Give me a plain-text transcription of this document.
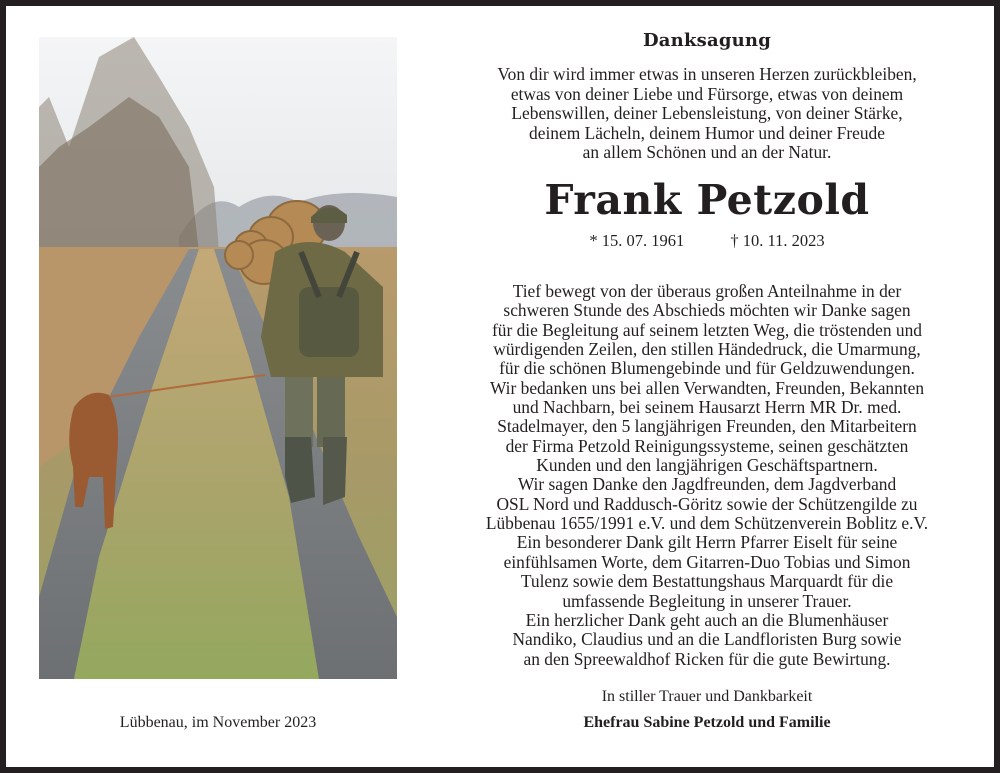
Danksagung
Von dir wird immer etwas in unseren Herzen zurückbleiben,
etwas von deiner Liebe und Fürsorge, etwas von deinem
Lebenswillen, deiner Lebensleistung, von deiner Stärke,
deinem Lächeln, deinem Humor und deiner Freude
an allem Schönen und an der Natur.
Frank Petzold
* 15. 07. 1961	† 10. 11. 2023
Tief bewegt von der überaus großen Anteilnahme in der
schweren Stunde des Abschieds möchten wir Danke sagen
für die Begleitung auf seinem letzten Weg, die tröstenden und
würdigenden Zeilen, den stillen Händedruck, die Umarmung,
für die schönen Blumengebinde und für Geldzuwendungen.
Wir bedanken uns bei allen Verwandten, Freunden, Bekannten
und Nachbarn, bei seinem Hausarzt Herrn MR Dr. med.
Stadelmayer, den 5 langjährigen Freunden, den Mitarbeitern
der Firma Petzold Reinigungssysteme, seinen geschätzten
Kunden und den langjährigen Geschäftspartnern.
Wir sagen Danke den Jagdfreunden, dem Jagdverband
OSL Nord und Raddusch-Göritz sowie der Schützengilde zu
Lübbenau 1655/1991 e.V. und dem Schützenverein Boblitz e.V.
Ein besonderer Dank gilt Herrn Pfarrer Eiselt für seine
einfühlsamen Worte, dem Gitarren-Duo Tobias und Simon
Tulenz sowie dem Bestattungshaus Marquardt für die
umfassende Begleitung in unserer Trauer.
Ein herzlicher Dank geht auch an die Blumenhäuser
Nandiko, Claudius und an die Landfloristen Burg sowie
an den Spreewaldhof Ricken für die gute Bewirtung.
In stiller Trauer und Dankbarkeit
Ehefrau Sabine Petzold und Familie
Lübbenau, im November 2023
